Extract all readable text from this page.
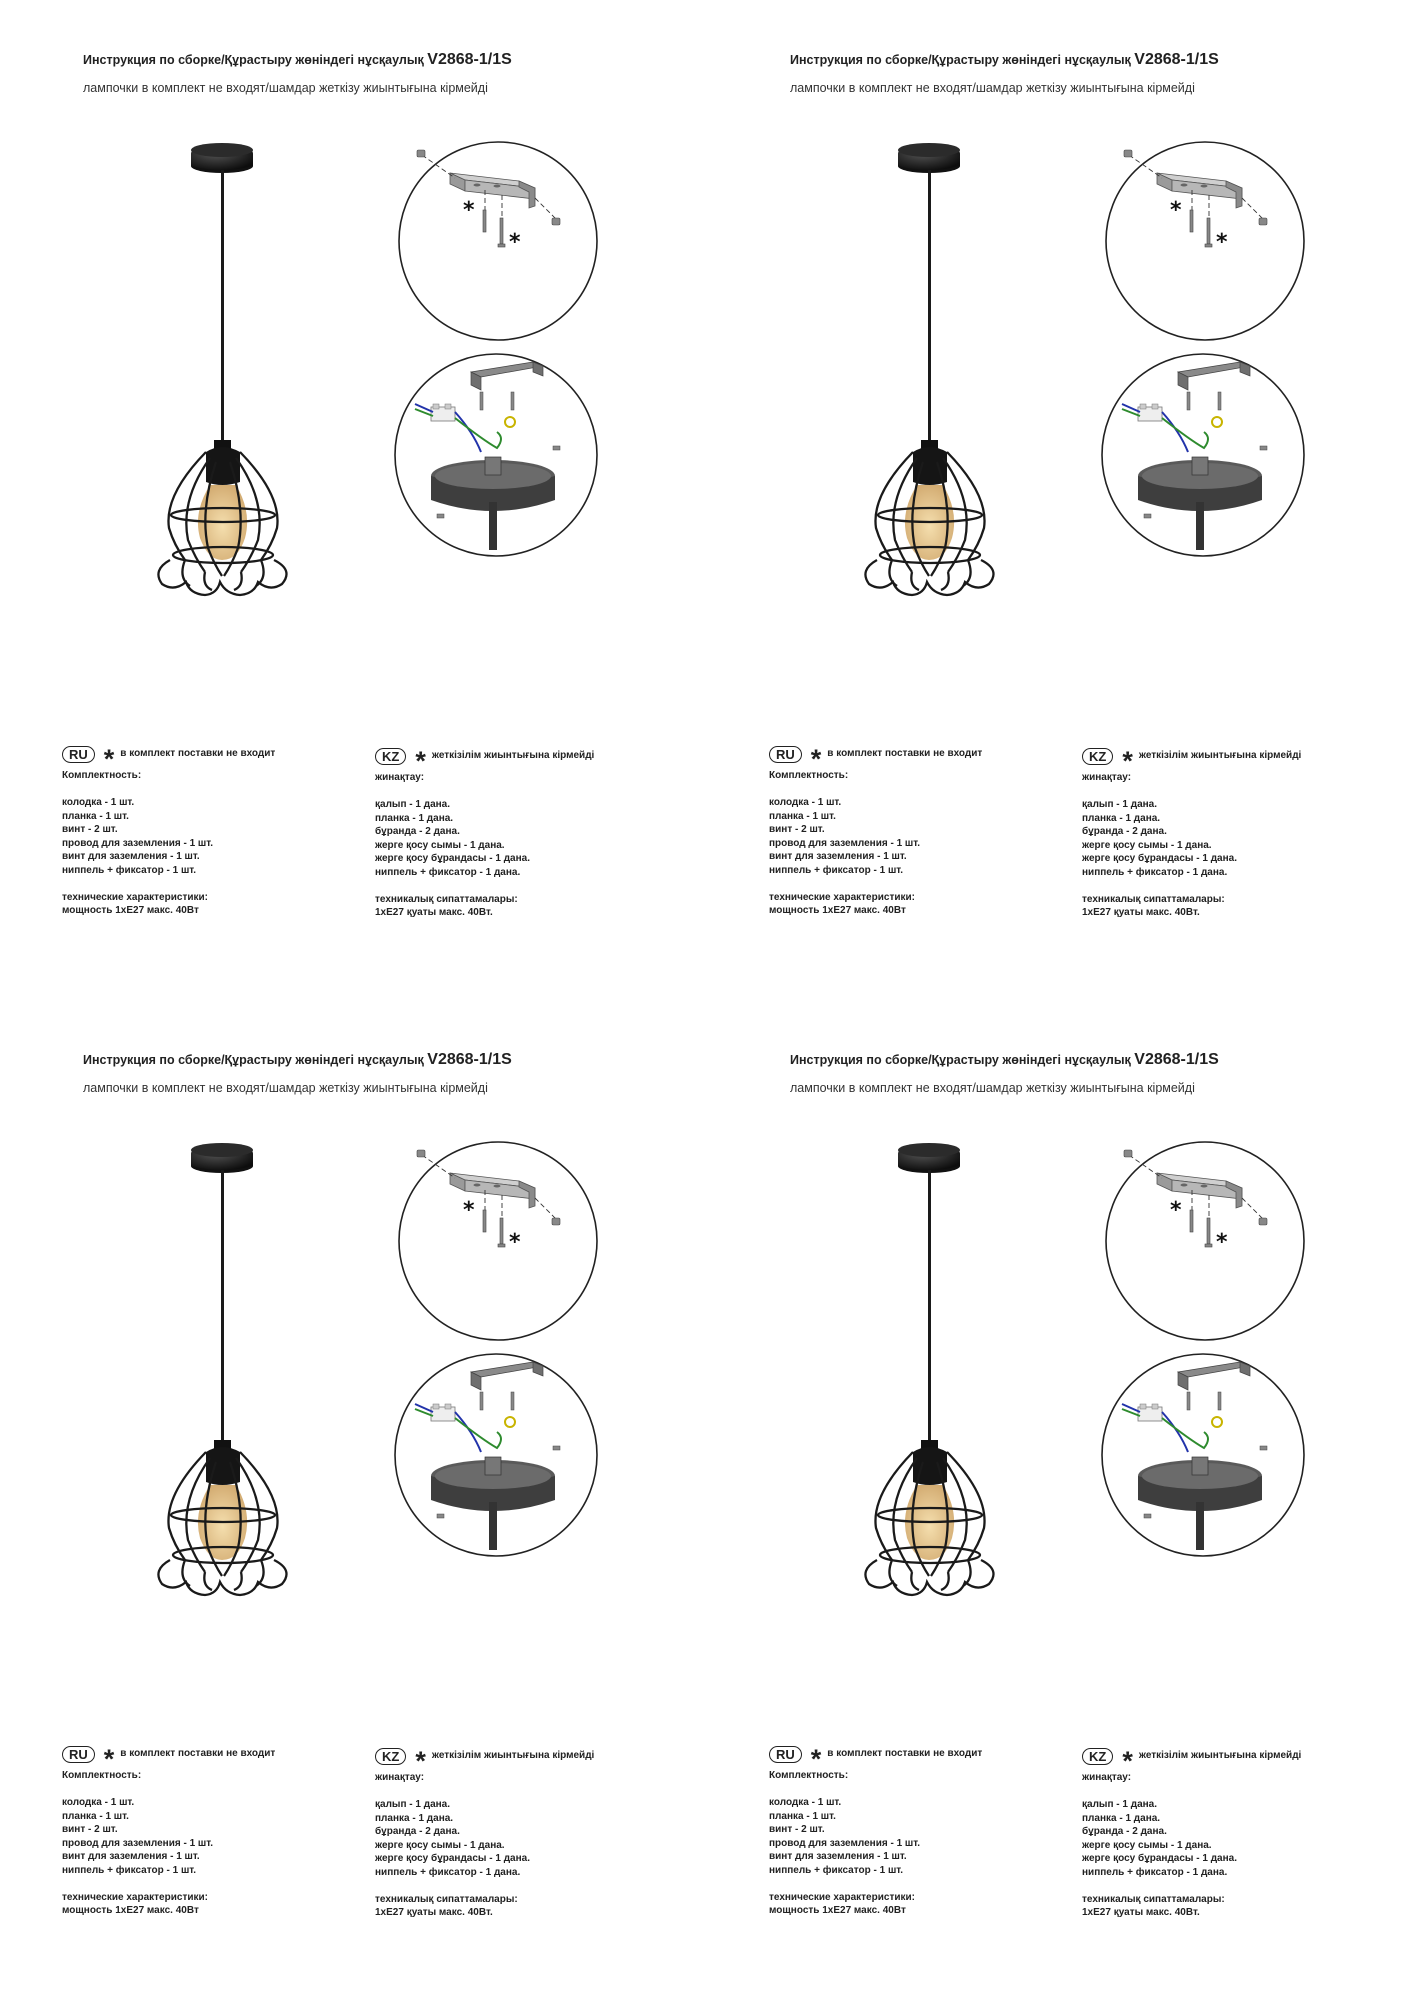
Инструкция по сборке/Құрастыру жөніндегі нұсқаулық V2868-1/1S
лампочки в комплект не входят/шамдар жеткізу жиынтығына кірмейді
*
*
RU * в комплект поставки не входит
Комплектность:
колодка - 1 шт.
планка - 1 шт.
винт - 2 шт.
провод для заземления - 1 шт.
винт для заземления - 1 шт.
ниппель + фиксатор - 1 шт.
технические характеристики:
мощность 1хЕ27 макс. 40Вт
KZ * жеткізілім жиынтығына кірмейді
жинақтау:
қалып - 1 дана.
планка - 1 дана.
бұранда - 2 дана.
жерге қосу сымы - 1 дана.
жерге қосу бұрандасы - 1 дана.
ниппель + фиксатор - 1 дана.
техникалық сипаттамалары:
1хЕ27 қуаты макс. 40Вт.
Инструкция по сборке/Құрастыру жөніндегі нұсқаулық V2868-1/1S
лампочки в комплект не входят/шамдар жеткізу жиынтығына кірмейді
*
*
RU * в комплект поставки не входит
Комплектность:
колодка - 1 шт.
планка - 1 шт.
винт - 2 шт.
провод для заземления - 1 шт.
винт для заземления - 1 шт.
ниппель + фиксатор - 1 шт.
технические характеристики:
мощность 1хЕ27 макс. 40Вт
KZ * жеткізілім жиынтығына кірмейді
жинақтау:
қалып - 1 дана.
планка - 1 дана.
бұранда - 2 дана.
жерге қосу сымы - 1 дана.
жерге қосу бұрандасы - 1 дана.
ниппель + фиксатор - 1 дана.
техникалық сипаттамалары:
1хЕ27 қуаты макс. 40Вт.
Инструкция по сборке/Құрастыру жөніндегі нұсқаулық V2868-1/1S
лампочки в комплект не входят/шамдар жеткізу жиынтығына кірмейді
*
*
RU * в комплект поставки не входит
Комплектность:
колодка - 1 шт.
планка - 1 шт.
винт - 2 шт.
провод для заземления - 1 шт.
винт для заземления - 1 шт.
ниппель + фиксатор - 1 шт.
технические характеристики:
мощность 1хЕ27 макс. 40Вт
KZ * жеткізілім жиынтығына кірмейді
жинақтау:
қалып - 1 дана.
планка - 1 дана.
бұранда - 2 дана.
жерге қосу сымы - 1 дана.
жерге қосу бұрандасы - 1 дана.
ниппель + фиксатор - 1 дана.
техникалық сипаттамалары:
1хЕ27 қуаты макс. 40Вт.
Инструкция по сборке/Құрастыру жөніндегі нұсқаулық V2868-1/1S
лампочки в комплект не входят/шамдар жеткізу жиынтығына кірмейді
*
*
RU * в комплект поставки не входит
Комплектность:
колодка - 1 шт.
планка - 1 шт.
винт - 2 шт.
провод для заземления - 1 шт.
винт для заземления - 1 шт.
ниппель + фиксатор - 1 шт.
технические характеристики:
мощность 1хЕ27 макс. 40Вт
KZ * жеткізілім жиынтығына кірмейді
жинақтау:
қалып - 1 дана.
планка - 1 дана.
бұранда - 2 дана.
жерге қосу сымы - 1 дана.
жерге қосу бұрандасы - 1 дана.
ниппель + фиксатор - 1 дана.
техникалық сипаттамалары:
1хЕ27 қуаты макс. 40Вт.
